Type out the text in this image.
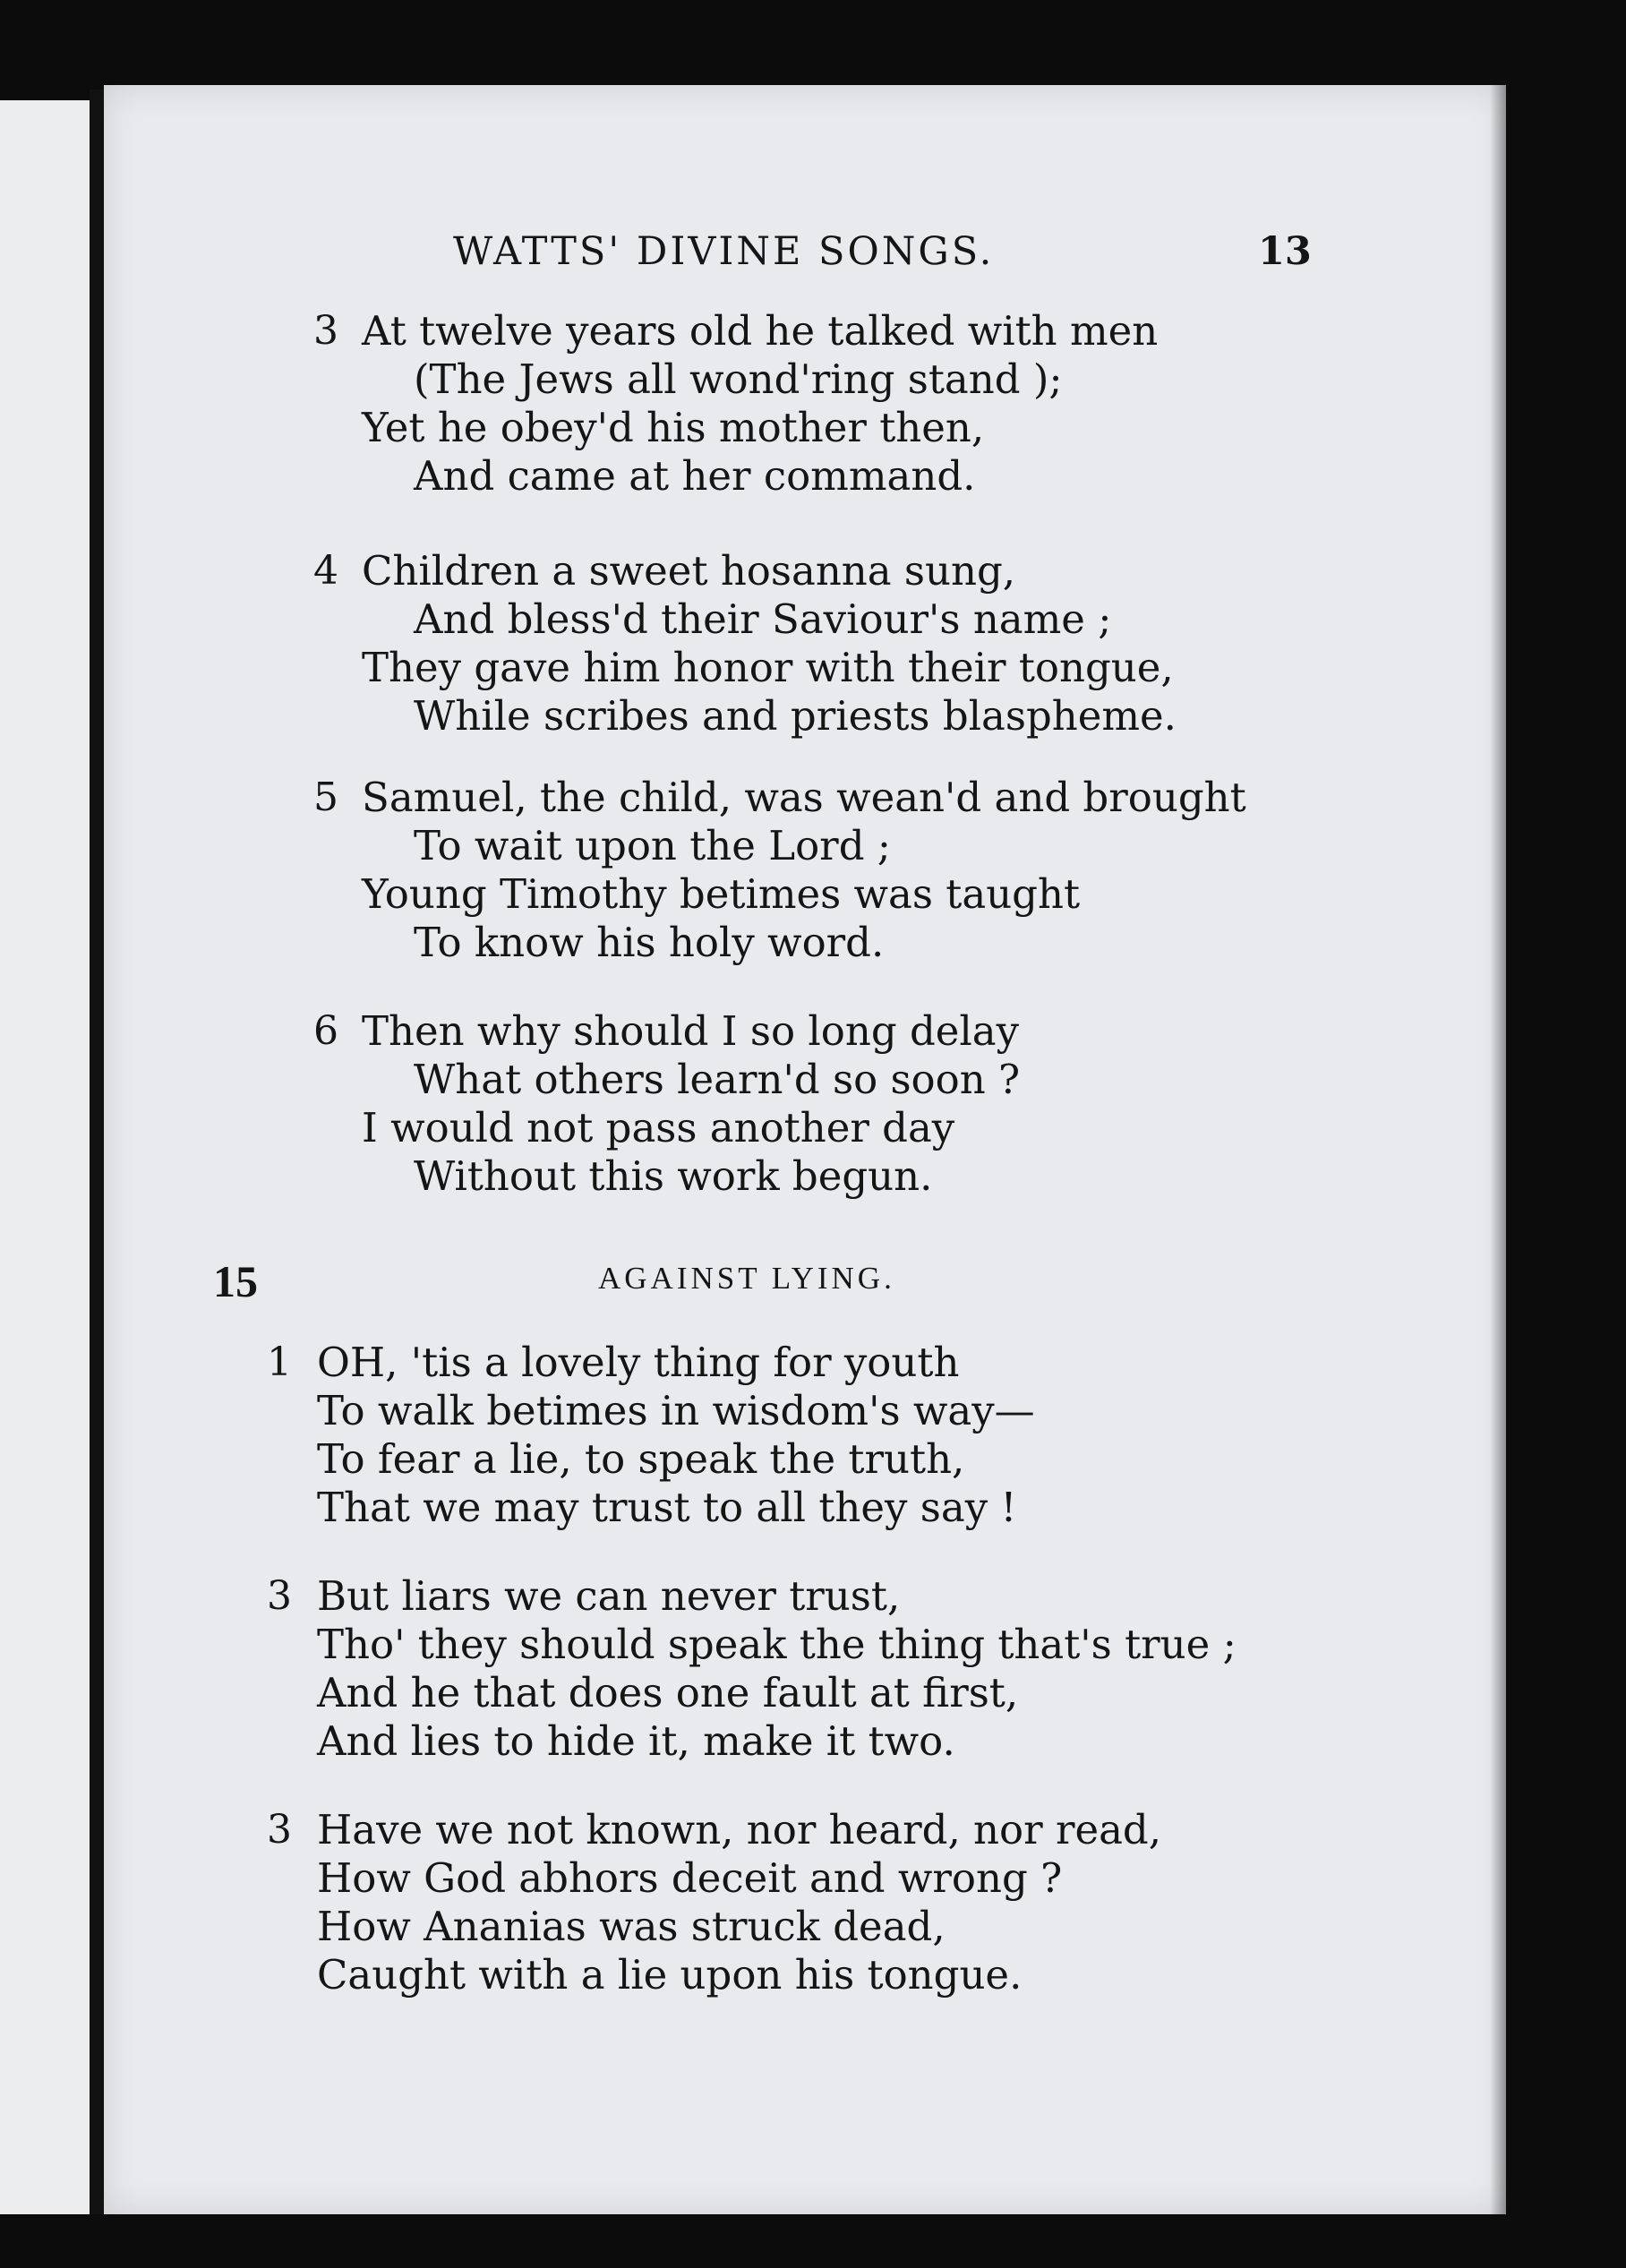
WATTS' DIVINE SONGS.	13
3 At twelve years old he talked with men
(The Jews all wond'ring stand );
Yet he obey'd his mother then,
And came at her command.
4 Children a sweet hosanna sung,
And bless'd their Saviour's name ;
They gave him honor with their tongue,
While scribes and priests blaspheme.
5 Samuel, the child, was wean'd and brought
To wait upon the Lord ;
Young Timothy betimes was taught
To know his holy word.
6 Then why should I so long delay
What others learn'd so soon ?
I would not pass another day
Without this work begun.
15	AGAINST LYING.
1 OH, 'tis a lovely thing for youth
To walk betimes in wisdom's way—
To fear a lie, to speak the truth,
That we may trust to all they say !
3 But liars we can never trust,
Tho' they should speak the thing that's true ;
And he that does one fault at first,
And lies to hide it, make it two.
3 Have we not known, nor heard, nor read,
How God abhors deceit and wrong ?
How Ananias was struck dead,
Caught with a lie upon his tongue.
